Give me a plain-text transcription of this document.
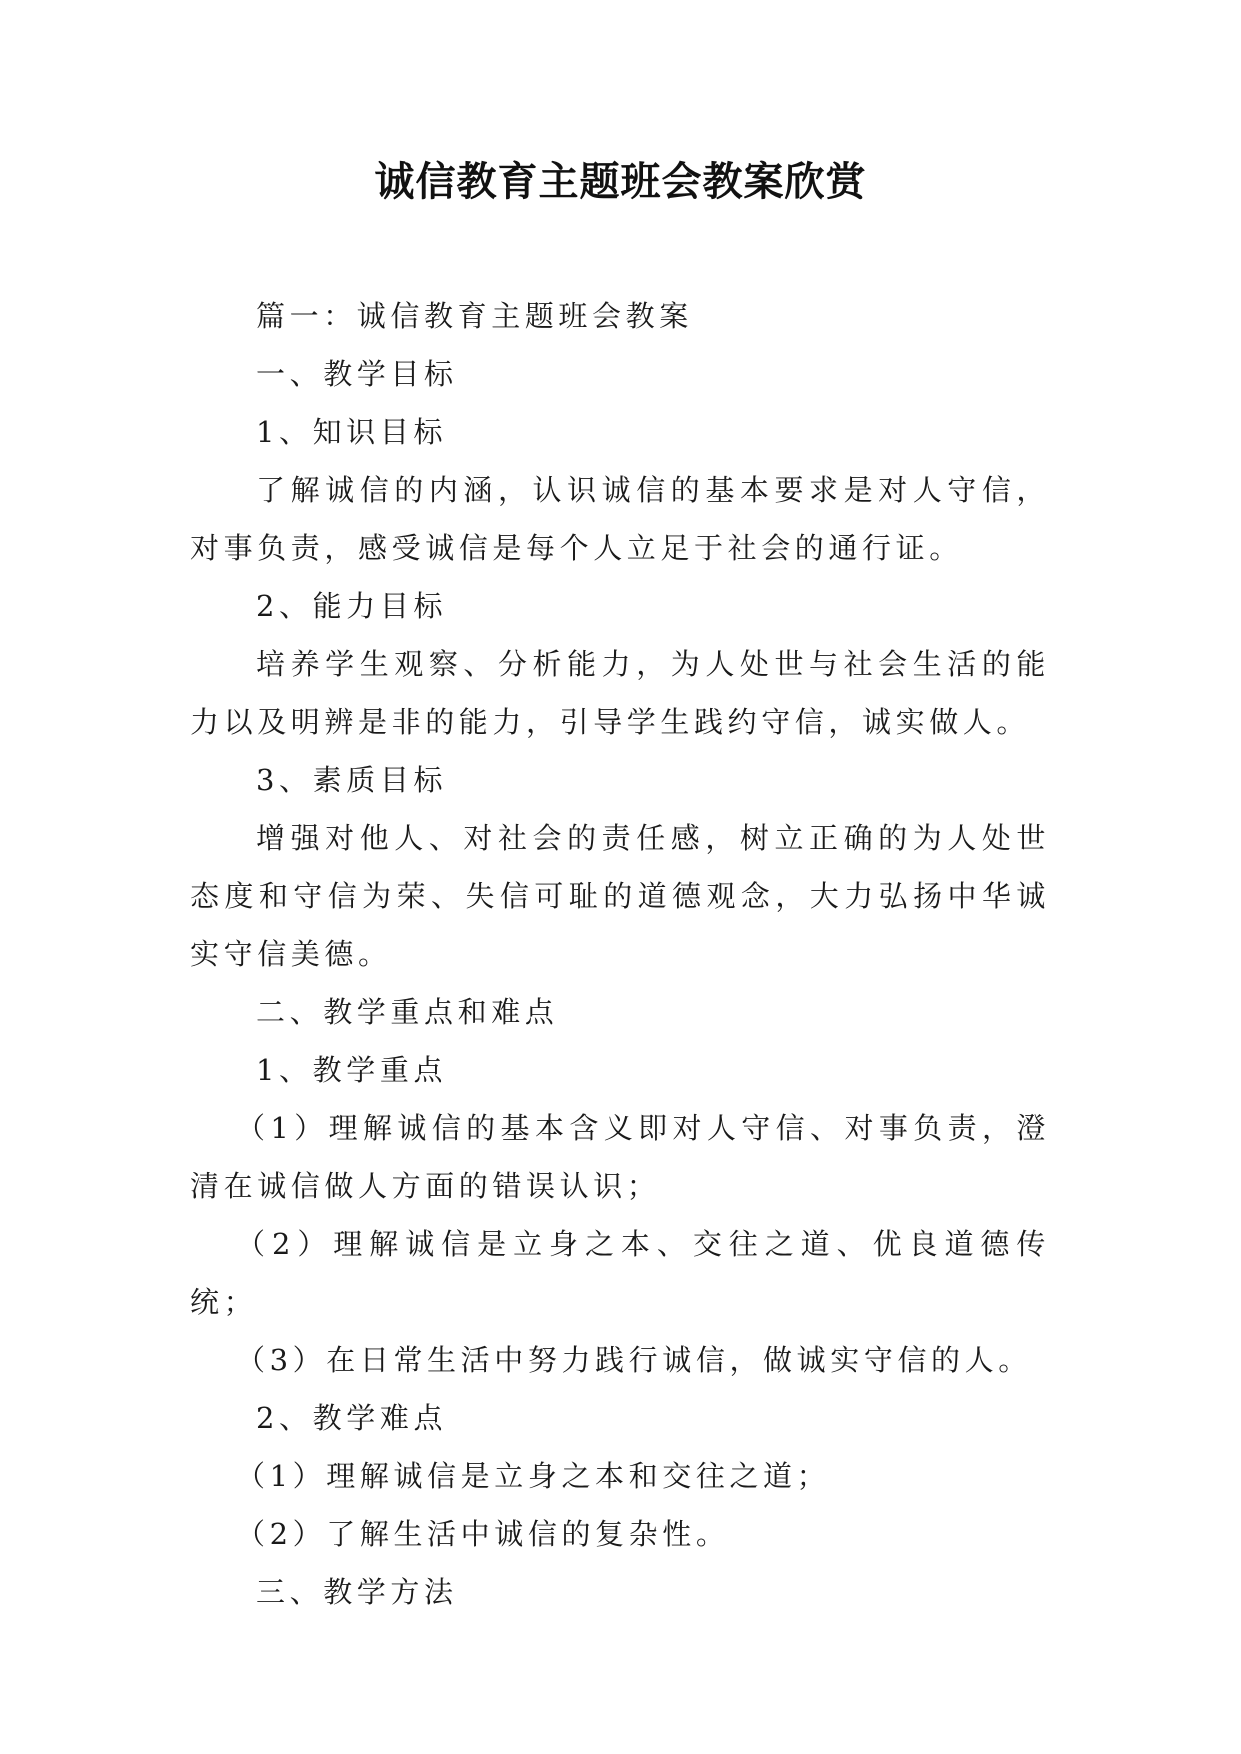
诚信教育主题班会教案欣赏

篇一：诚信教育主题班会教案

一、教学目标

1、知识目标

了解诚信的内涵，认识诚信的基本要求是对人守信，对事负责，感受诚信是每个人立足于社会的通行证。

2、能力目标

培养学生观察、分析能力，为人处世与社会生活的能力以及明辨是非的能力，引导学生践约守信，诚实做人。

3、素质目标

增强对他人、对社会的责任感，树立正确的为人处世态度和守信为荣、失信可耻的道德观念，大力弘扬中华诚实守信美德。

二、教学重点和难点

1、教学重点

（1）理解诚信的基本含义即对人守信、对事负责，澄清在诚信做人方面的错误认识；

（2）理解诚信是立身之本、交往之道、优良道德传统；

（3）在日常生活中努力践行诚信，做诚实守信的人。

2、教学难点

（1）理解诚信是立身之本和交往之道；

（2）了解生活中诚信的复杂性。

三、教学方法
